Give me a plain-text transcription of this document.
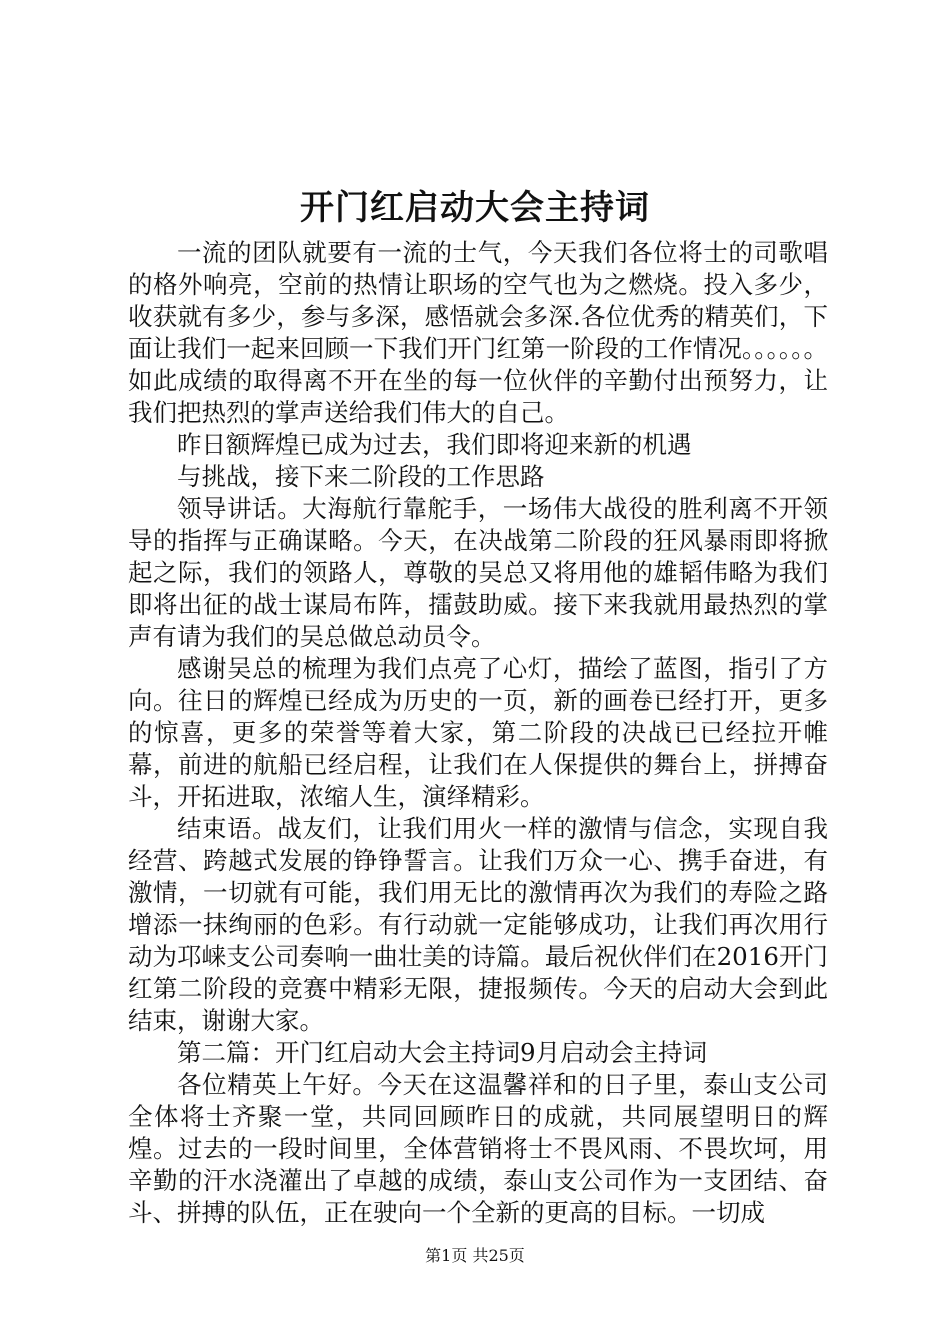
开门红启动大会主持词

一流的团队就要有一流的士气，今天我们各位将士的司歌唱的格外响亮，空前的热情让职场的空气也为之燃烧。投入多少，收获就有多少，参与多深，感悟就会多深.各位优秀的精英们，下面让我们一起来回顾一下我们开门红第一阶段的工作情况。。。。。。如此成绩的取得离不开在坐的每一位伙伴的辛勤付出预努力，让我们把热烈的掌声送给我们伟大的自己。

昨日额辉煌已成为过去，我们即将迎来新的机遇

与挑战，接下来二阶段的工作思路

领导讲话。大海航行靠舵手，一场伟大战役的胜利离不开领导的指挥与正确谋略。今天，在决战第二阶段的狂风暴雨即将掀起之际，我们的领路人，尊敬的吴总又将用他的雄韬伟略为我们即将出征的战士谋局布阵，擂鼓助威。接下来我就用最热烈的掌声有请为我们的吴总做总动员令。

感谢吴总的梳理为我们点亮了心灯，描绘了蓝图，指引了方向。往日的辉煌已经成为历史的一页，新的画卷已经打开，更多的惊喜，更多的荣誉等着大家，第二阶段的决战已已经拉开帷幕，前进的航船已经启程，让我们在人保提供的舞台上，拼搏奋斗，开拓进取，浓缩人生，演绎精彩。

结束语。战友们，让我们用火一样的激情与信念，实现自我经营、跨越式发展的铮铮誓言。让我们万众一心、携手奋进，有激情，一切就有可能，我们用无比的激情再次为我们的寿险之路增添一抹绚丽的色彩。有行动就一定能够成功，让我们再次用行动为邛崃支公司奏响一曲壮美的诗篇。最后祝伙伴们在2016开门红第二阶段的竞赛中精彩无限，捷报频传。今天的启动大会到此结束，谢谢大家。

第二篇：开门红启动大会主持词9月启动会主持词

各位精英上午好。今天在这温馨祥和的日子里，泰山支公司全体将士齐聚一堂，共同回顾昨日的成就，共同展望明日的辉煌。过去的一段时间里，全体营销将士不畏风雨、不畏坎坷，用辛勤的汗水浇灌出了卓越的成绩，泰山支公司作为一支团结、奋斗、拼搏的队伍，正在驶向一个全新的更高的目标。一切成

第1页 共25页
